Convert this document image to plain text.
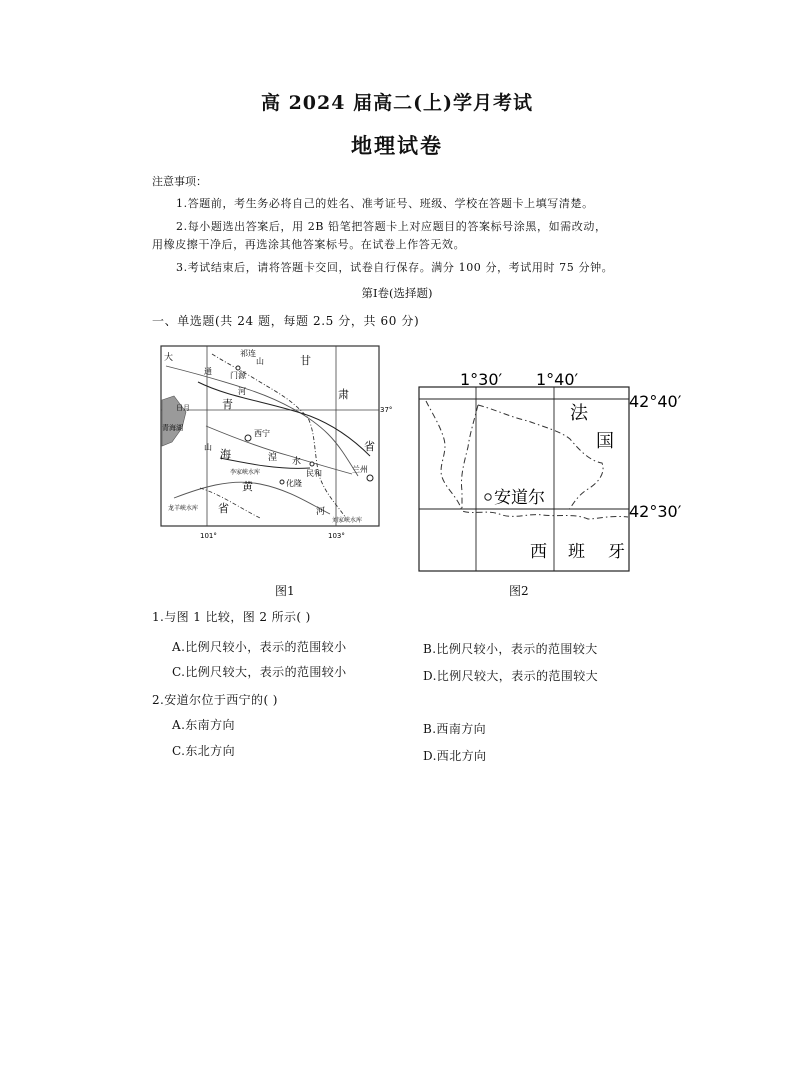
高 2024 届高二(上)学月考试
地理试卷
注意事项：
1.答题前，考生务必将自己的姓名、准考证号、班级、学校在答题卡上填写清楚。
2.每小题选出答案后，用 2B 铅笔把答题卡上对应题目的答案标号涂黑，如需改动，
用橡皮擦干净后，再选涂其他答案标号。在试卷上作答无效。
3.考试结束后，请将答题卡交回，试卷自行保存。满分 100 分，考试用时 75 分钟。
第Ⅰ卷(选择题)
一、单选题(共 24 题，每题 2.5 分，共 60 分)
大
通
河
门源
祁连
山	甘
青
肃
37°
日月
山
青海湖
西宁
省
海	湟 水
民和	兰州
李家峡水库
化隆
黄
龙羊峡水库 省	河
刘家峡水库
101°	103°
图1
1°30′ 1°40′
42°40′
42°30′
法
国
安道尔
西 班 牙
图2
1.与图 1 比较，图 2 所示( )
A.比例尺较小，表示的范围较小	B.比例尺较小，表示的范围较大
C.比例尺较大，表示的范围较小	D.比例尺较大，表示的范围较大
2.安道尔位于西宁的( )
A.东南方向	B.西南方向
C.东北方向	D.西北方向
